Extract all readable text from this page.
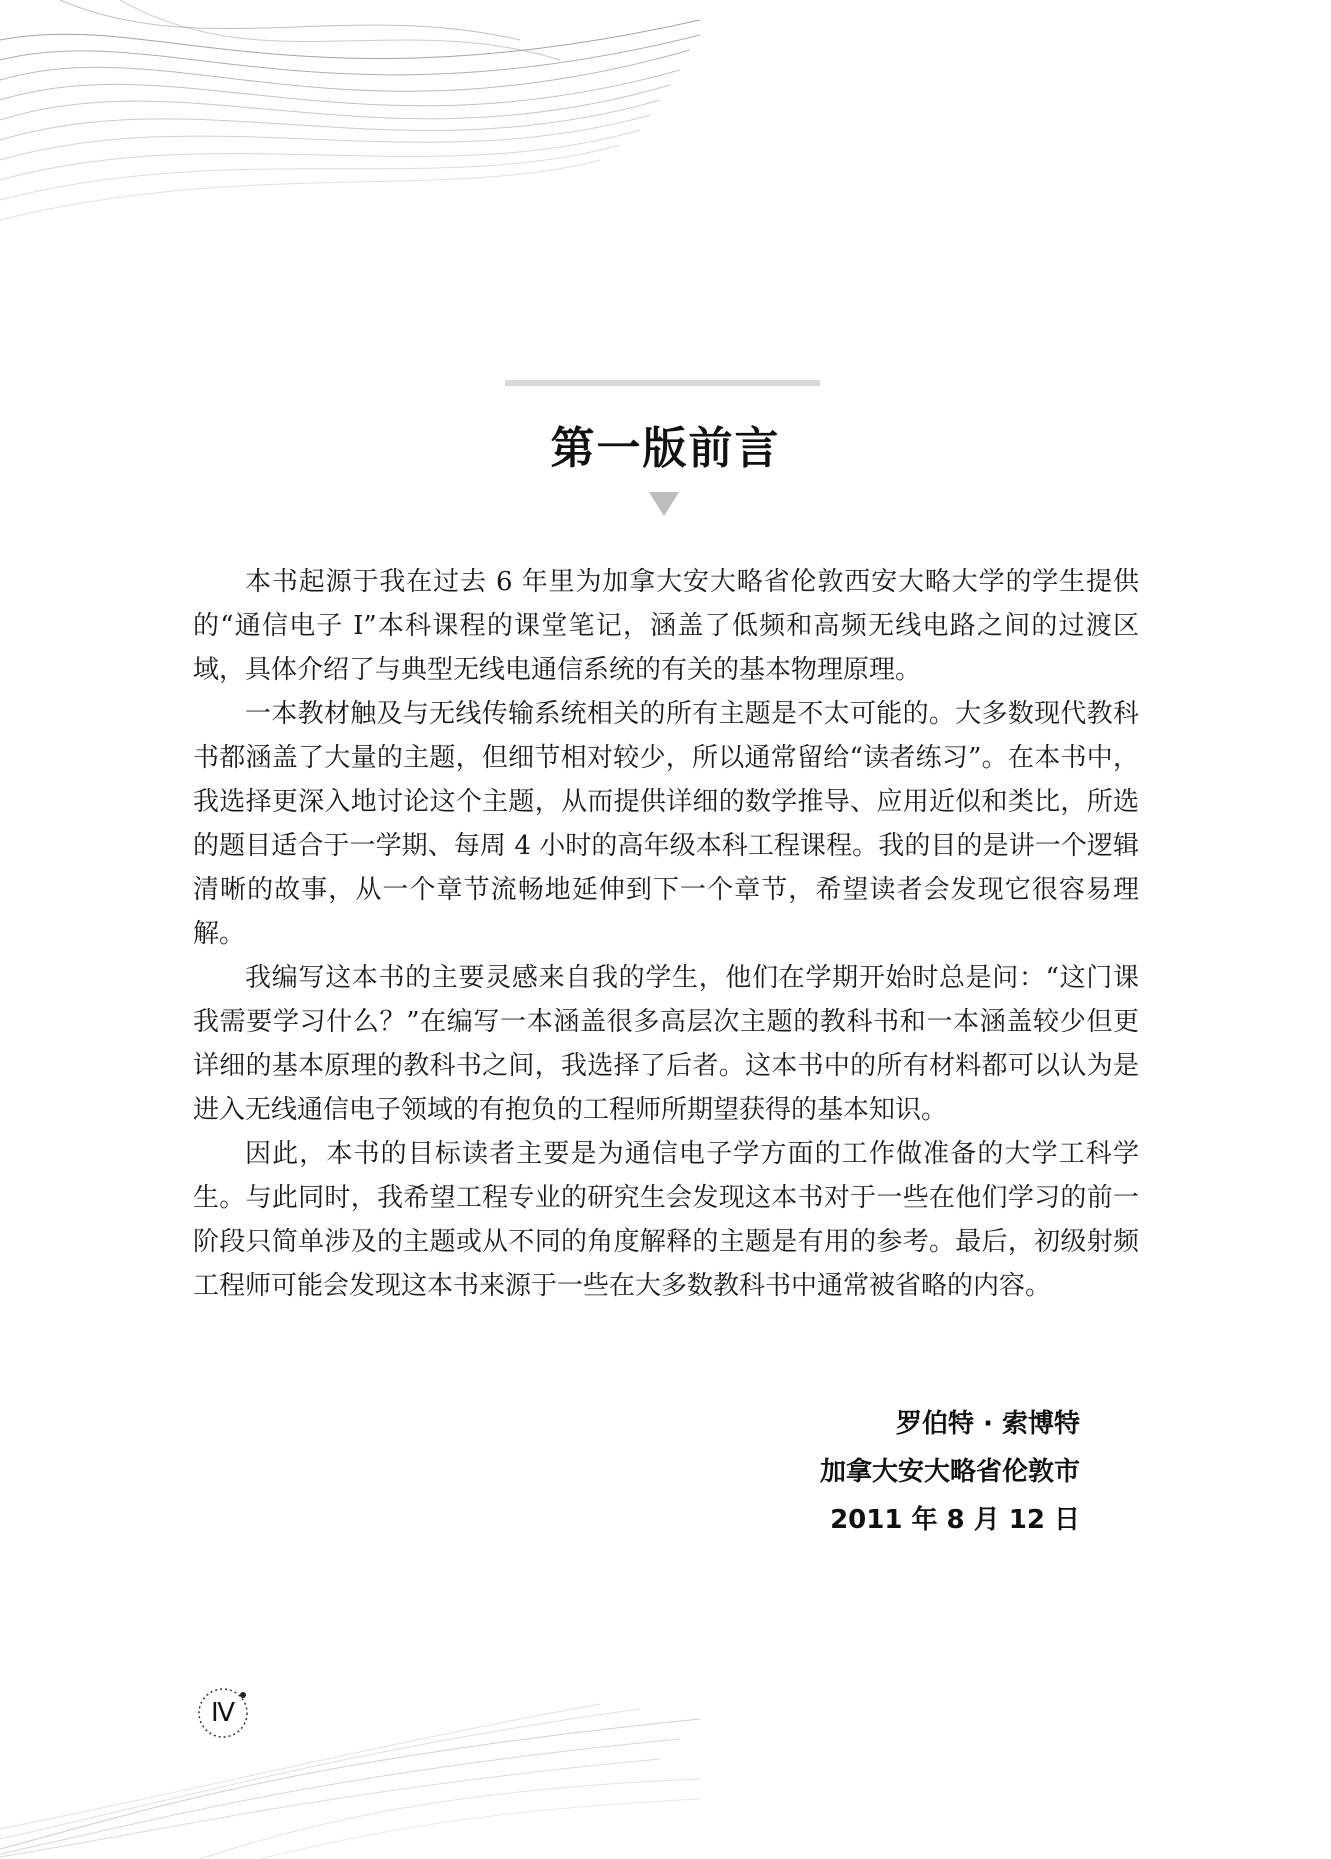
第一版前言

本书起源于我在过去 6 年里为加拿大安大略省伦敦西安大略大学的学生提供的“通信电子 I”本科课程的课堂笔记，涵盖了低频和高频无线电路之间的过渡区域，具体介绍了与典型无线电通信系统的有关的基本物理原理。

一本教材触及与无线传输系统相关的所有主题是不太可能的。大多数现代教科书都涵盖了大量的主题，但细节相对较少，所以通常留给“读者练习”。在本书中，我选择更深入地讨论这个主题，从而提供详细的数学推导、应用近似和类比，所选的题目适合于一学期、每周 4 小时的高年级本科工程课程。我的目的是讲一个逻辑清晰的故事，从一个章节流畅地延伸到下一个章节，希望读者会发现它很容易理解。

我编写这本书的主要灵感来自我的学生，他们在学期开始时总是问：“这门课我需要学习什么？”在编写一本涵盖很多高层次主题的教科书和一本涵盖较少但更详细的基本原理的教科书之间，我选择了后者。这本书中的所有材料都可以认为是进入无线通信电子领域的有抱负的工程师所期望获得的基本知识。

因此，本书的目标读者主要是为通信电子学方面的工作做准备的大学工科学生。与此同时，我希望工程专业的研究生会发现这本书对于一些在他们学习的前一阶段只简单涉及的主题或从不同的角度解释的主题是有用的参考。最后，初级射频工程师可能会发现这本书来源于一些在大多数教科书中通常被省略的内容。

罗伯特 · 索博特
加拿大安大略省伦敦市
2011 年 8 月 12 日
Ⅳ
